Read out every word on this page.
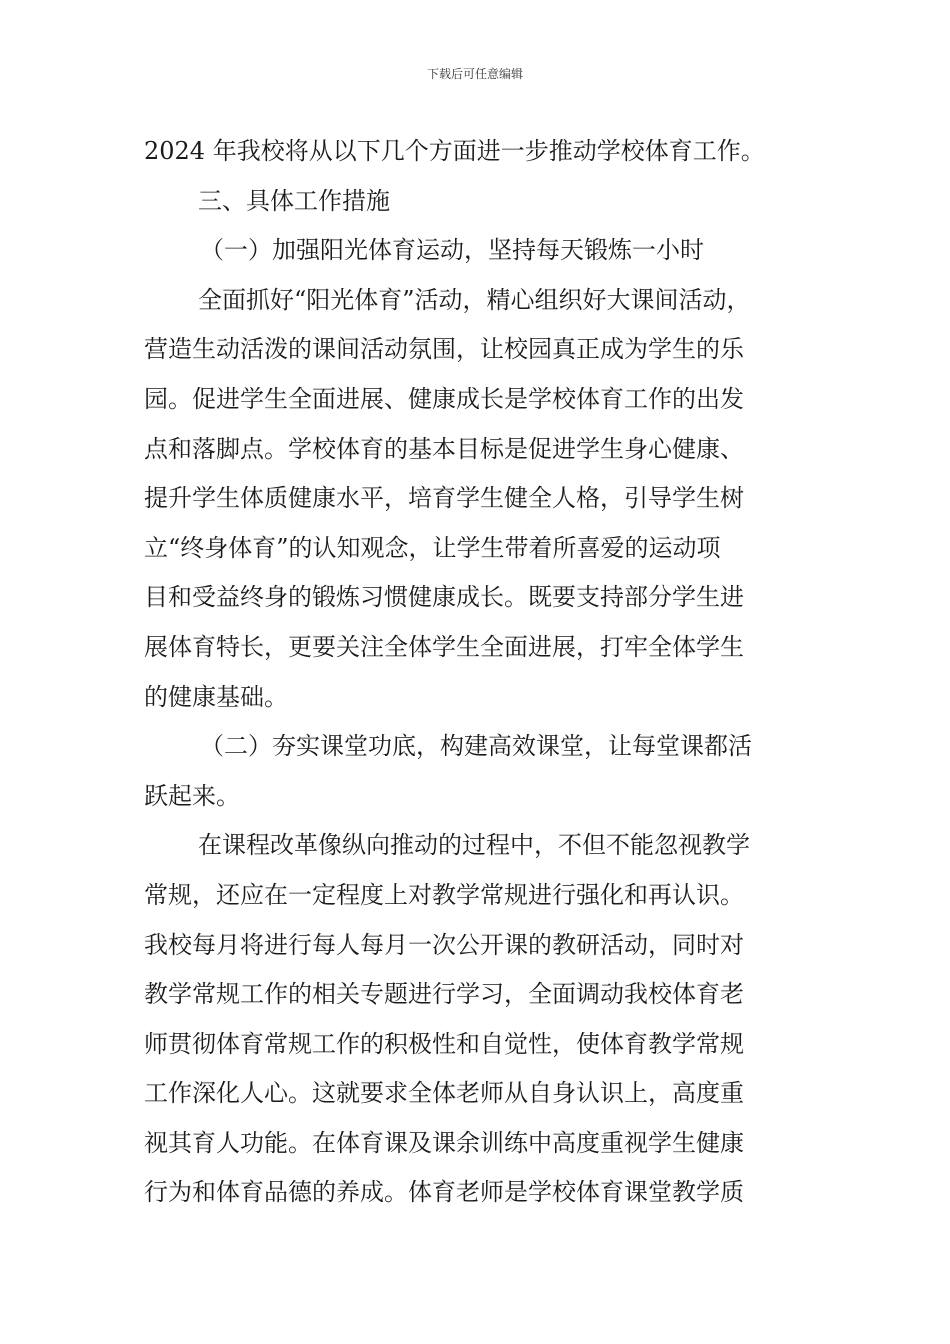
下载后可任意编辑
2024 年我校将从以下几个方面进一步推动学校体育工作。
三、具体工作措施
（一）加强阳光体育运动，坚持每天锻炼一小时
全面抓好“阳光体育”活动，精心组织好大课间活动，
营造生动活泼的课间活动氛围，让校园真正成为学生的乐
园。促进学生全面进展、健康成长是学校体育工作的出发
点和落脚点。学校体育的基本目标是促进学生身心健康、
提升学生体质健康水平，培育学生健全人格，引导学生树
立“终身体育”的认知观念，让学生带着所喜爱的运动项
目和受益终身的锻炼习惯健康成长。既要支持部分学生进
展体育特长，更要关注全体学生全面进展，打牢全体学生
的健康基础。
（二）夯实课堂功底，构建高效课堂，让每堂课都活
跃起来。
在课程改革像纵向推动的过程中，不但不能忽视教学
常规，还应在一定程度上对教学常规进行强化和再认识。
我校每月将进行每人每月一次公开课的教研活动，同时对
教学常规工作的相关专题进行学习，全面调动我校体育老
师贯彻体育常规工作的积极性和自觉性，使体育教学常规
工作深化人心。这就要求全体老师从自身认识上，高度重
视其育人功能。在体育课及课余训练中高度重视学生健康
行为和体育品德的养成。体育老师是学校体育课堂教学质
